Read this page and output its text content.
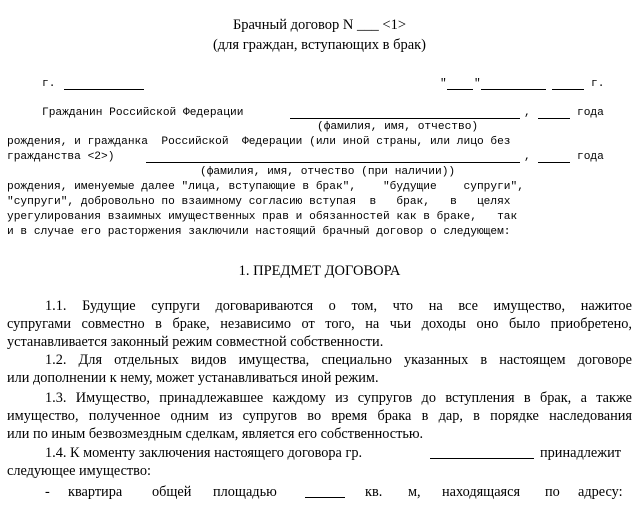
Брачный договор N ___ <1>
(для граждан, вступающих в брак)
г.	" "	г.
Гражданин Российской Федерации	,	года
(фамилия, имя, отчество)
рождения, и гражданка  Российской  Федерации (или иной страны, или лицо без
гражданства <2>)	,	года
(фамилия, имя, отчество (при наличии))
рождения, именуемые далее "лица, вступающие в брак",    "будущие    супруги",
"супруги", добровольно по взаимному согласию вступая  в   брак,   в   целях
урегулирования взаимных имущественных прав и обязанностей как в браке,   так
и в случае его расторжения заключили настоящий брачный договор о следующем:
1. ПРЕДМЕТ ДОГОВОРА
1.1. Будущие супруги договариваются о том, что на все имущество, нажитое
супругами совместно в браке, независимо от того, на чьи доходы оно было приобретено,
устанавливается законный режим совместной собственности.
1.2. Для отдельных видов имущества, специально указанных в настоящем договоре
или дополнении к нему, может устанавливаться иной режим.
1.3. Имущество, принадлежавшее каждому из супругов до вступления в брак, а также
имущество, полученное одним из супругов во время брака в дар, в порядке наследования
или по иным безвозмездным сделкам, является его собственностью.
1.4. К моменту заключения настоящего договора гр.	принадлежит
следующее имущество:
- квартира общей площадью	кв. м, находящаяся по адресу:
